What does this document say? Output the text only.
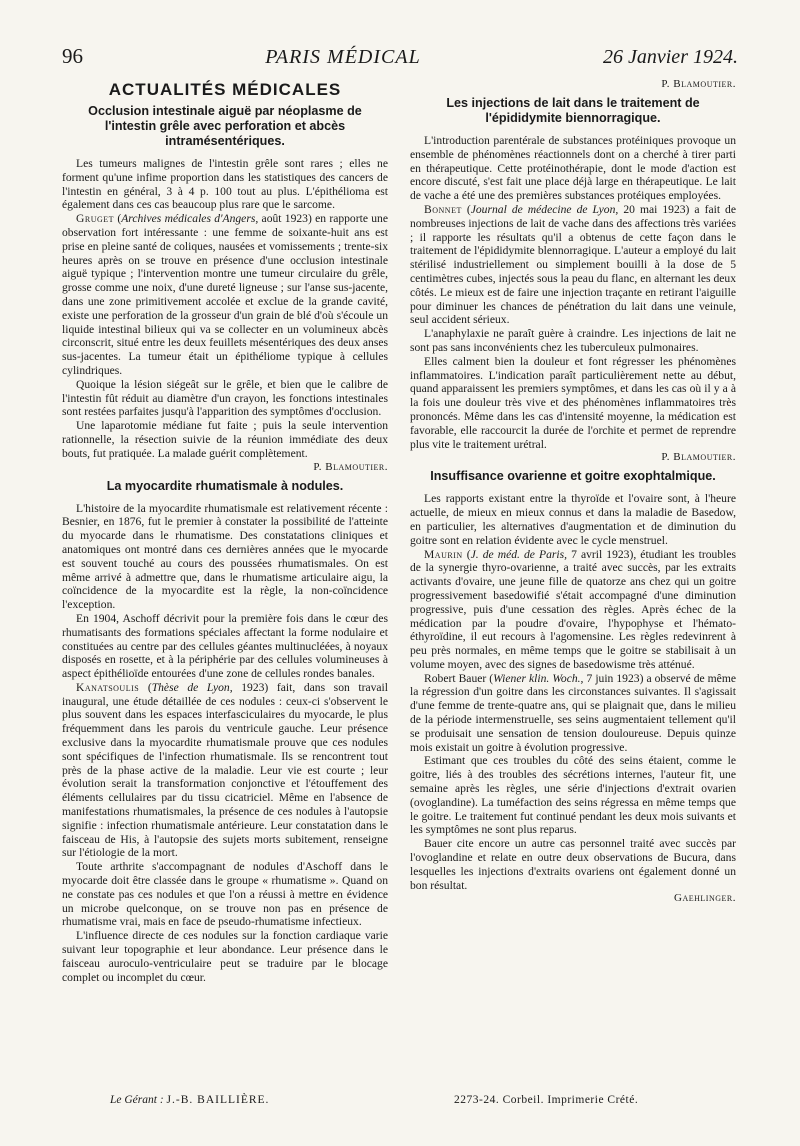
96	PARIS MÉDICAL	26 Janvier 1924.
ACTUALITÉS MÉDICALES
Occlusion intestinale aiguë par néoplasme de l'intestin grêle avec perforation et abcès intramésentériques.

Les tumeurs malignes de l'intestin grêle sont rares ; elles ne forment qu'une infime proportion dans les statistiques des cancers de l'intestin en général, 3 à 4 p. 100 tout au plus. L'épithélioma est également dans ces cas beaucoup plus rare que le sarcome.

Grugет (Archives médicales d'Angers, août 1923) en rapporte une observation fort intéressante : une femme de soixante-huit ans est prise en pleine santé de coliques, nausées et vomissements ; trente-six heures après on se trouve en présence d'une occlusion intestinale aiguë typique ; l'intervention montre une tumeur circulaire du grêle, grosse comme une noix, d'une dureté ligneuse ; sur l'anse sus-jacente, dans une zone primitivement accolée et exclue de la grande cavité, existe une perforation de la grosseur d'un grain de blé d'où s'écoule un liquide intestinal bilieux qui va se collecter en un volumineux abcès circonscrit, situé entre les deux feuillets mésentériques des deux anses sus-jacentes. La tumeur était un épithéliome typique à cellules cylindriques.

Quoique la lésion siégeât sur le grêle, et bien que le calibre de l'intestin fût réduit au diamètre d'un crayon, les fonctions intestinales sont restées parfaites jusqu'à l'apparition des symptômes d'occlusion.

Une laparotomie médiane fut faite ; puis la seule intervention rationnelle, la résection suivie de la réunion immédiate des deux bouts, fut pratiquée. La malade guérit complètement.

P. Blamoutier.
La myocardite rhumatismale à nodules.

L'histoire de la myocardite rhumatismale est relativement récente : Besnier, en 1876, fut le premier à constater la possibilité de l'atteinte du myocarde dans le rhumatisme. Des constatations cliniques et anatomiques ont montré dans ces dernières années que le myocarde est souvent touché au cours des poussées rhumatismales. On est même arrivé à admettre que, dans le rhumatisme articulaire aigu, la coïncidence de la myocardite est la règle, la non-coïncidence l'exception.

En 1904, Aschoff décrivit pour la première fois dans le cœur des rhumatisants des formations spéciales affectant la forme nodulaire et constituées au centre par des cellules géantes multinucléées, à noyaux disposés en rosette, et à la périphérie par des cellules volumineuses à aspect épithélioïde entourées d'une zone de cellules rondes banales.

Kanatsoulis (Thèse de Lyon, 1923) fait, dans son travail inaugural, une étude détaillée de ces nodules : ceux-ci s'observent le plus souvent dans les espaces interfasciculaires du myocarde, le plus fréquemment dans les parois du ventricule gauche. Leur présence exclusive dans la myocardite rhumatismale prouve que ces nodules sont spécifiques de l'infection rhumatismale. Ils se rencontrent tout près de la phase active de la maladie. Leur vie est courte ; leur évolution serait la transformation conjonctive et l'étouffement des éléments cellulaires par du tissu cicatriciel. Même en l'absence de manifestations rhumatismales, la présence de ces nodules à l'autopsie signifie : infection rhumatismale antérieure. Leur constatation dans le faisceau de His, à l'autopsie des sujets morts subitement, renseigne sur l'étiologie de la mort.

Toute arthrite s'accompagnant de nodules d'Aschoff dans le myocarde doit être classée dans le groupe « rhumatisme ». Quand on ne constate pas ces nodules et que l'on a réussi à mettre en évidence un microbe quelconque, on se trouve non pas en présence de rhumatisme vrai, mais en face de pseudo-rhumatisme infectieux.

L'influence directe de ces nodules sur la fonction cardiaque varie suivant leur topographie et leur abondance. Leur présence dans le faisceau auroculo-ventriculaire peut se traduire par le blocage complet ou incomplet du cœur.

P. Blamoutier.
Les injections de lait dans le traitement de l'épididymite biennorragique.

L'introduction parentérale de substances protéiniques provoque un ensemble de phénomènes réactionnels dont on a cherché à tirer parti en thérapeutique. Cette protéinothérapie, dont le mode d'action est encore discuté, s'est fait une place déjà large en thérapeutique. Le lait de vache a été une des premières substances protéiques employées.

Bonnet (Journal de médecine de Lyon, 20 mai 1923) a fait de nombreuses injections de lait de vache dans des affections très variées ; il rapporte les résultats qu'il a obtenus de cette façon dans le traitement de l'épididymite blennorragique. L'auteur a employé du lait stérilisé industriellement ou simplement bouilli à la dose de 5 centimètres cubes, injectés sous la peau du flanc, en alternant les deux côtés. Le mieux est de faire une injection traçante en retirant l'aiguille pour diminuer les chances de pénétration du lait dans une veinule, seul accident sérieux.

L'anaphylaxie ne paraît guère à craindre. Les injections de lait ne sont pas sans inconvénients chez les tuberculeux pulmonaires.

Elles calment bien la douleur et font régresser les phénomènes inflammatoires. L'indication paraît particulièrement nette au début, quand apparaissent les premiers symptômes, et dans les cas où il y a à la fois une douleur très vive et des phénomènes inflammatoires très prononcés. Même dans les cas d'intensité moyenne, la médication est favorable, elle raccourcit la durée de l'orchite et permet de reprendre plus vite le traitement urétral.

P. Blamoutier.
Insuffisance ovarienne et goitre exophtalmique.

Les rapports existant entre la thyroïde et l'ovaire sont, à l'heure actuelle, de mieux en mieux connus et dans la maladie de Basedow, en particulier, les alternatives d'augmentation et de diminution du goitre sont en relation évidente avec le cycle menstruel.

Maurin (J. de méd. de Paris, 7 avril 1923), étudiant les troubles de la synergie thyro-ovarienne, a traité avec succès, par les extraits activants d'ovaire, une jeune fille de quatorze ans chez qui un goitre progressivement basedowifié s'était accompagné d'une diminution progressive, puis d'une cessation des règles. Après échec de la médication par la poudre d'ovaire, l'hypophyse et l'hémato-éthyroïdine, il eut recours à l'agomensine. Les règles redevinrent à peu près normales, en même temps que le goitre se stabilisait à un volume moyen, avec des signes de basedowisme très atténué.

Robert Bauer (Wiener klin. Woch., 7 juin 1923) a observé de même la régression d'un goitre dans les circonstances suivantes. Il s'agissait d'une femme de trente-quatre ans, qui se plaignait que, dans le milieu de la période intermenstruelle, ses seins augmentaient tellement qu'il se produisait une sensation de tension douloureuse. Depuis quinze mois existait un goitre à évolution progressive.

Estimant que ces troubles du côté des seins étaient, comme le goitre, liés à des troubles des sécrétions internes, l'auteur fit, une semaine après les règles, une série d'injections d'extrait ovarien (ovoglandine). La tuméfaction des seins régressa en même temps que le goitre. Le traitement fut continué pendant les deux mois suivants et les symptômes ne sont plus reparus.

Bauer cite encore un autre cas personnel traité avec succès par l'ovoglandine et relate en outre deux observations de Bucura, dans lesquelles les injections d'extraits ovariens ont également donné un bon résultat.

Gaehlinger.
Le Gérant : J.-B. BAILLIÈRE.	2273-24. Corbeil. Imprimerie Crété.
